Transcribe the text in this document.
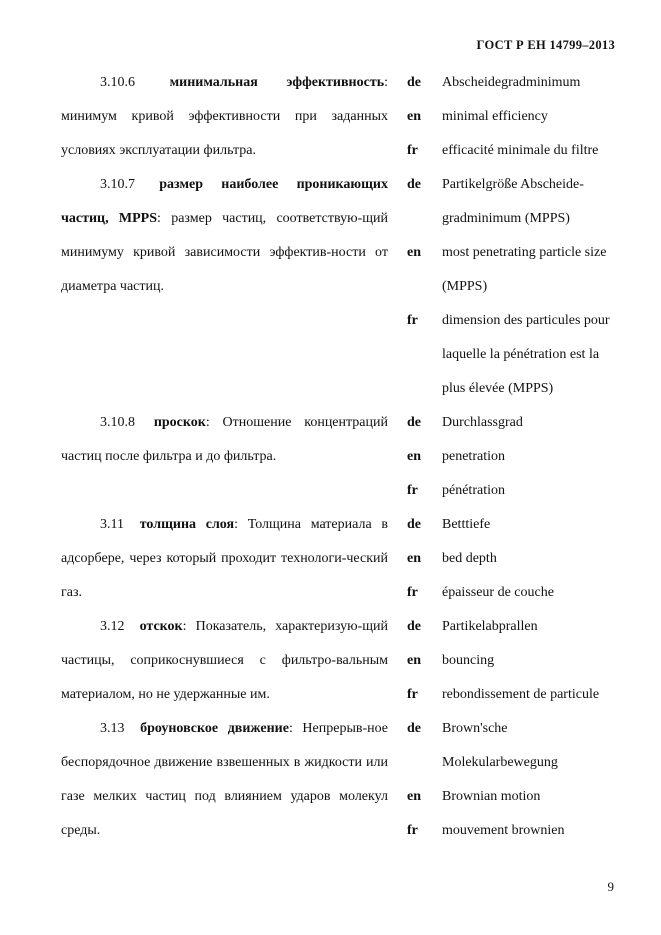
ГОСТ Р ЕН 14799–2013
3.10.6 минимальная эффективность: минимум кривой эффективности при заданных условиях эксплуатации фильтра.
de	Abscheidegradminimum
en	minimal efficiency
fr	efficacité minimale du filtre
3.10.7 размер наиболее проникающих частиц, MPPS: размер частиц, соответствую-щий минимуму кривой зависимости эффектив-ности от диаметра частиц.
de	Partikelgröße Abscheide-
gradminimum (MPPS)
en	most penetrating particle size
(MPPS)
fr	dimension des particules pour
laquelle la pénétration est la
plus élevée (MPPS)
3.10.8 проскок: Отношение концентраций частиц после фильтра и до фильтра.
de	Durchlassgrad
en	penetration
fr	pénétration
3.11 толщина слоя: Толщина материала в адсорбере, через который проходит технологи-ческий газ.
de	Betttiefe
en	bed depth
fr	épaisseur de couche
3.12 отскок: Показатель, характеризую-щий частицы, соприкоснувшиеся с фильтро-вальным материалом, но не удержанные им.
de	Partikelabprallen
en	bouncing
fr	rebondissement de particule
3.13 броуновское движение: Непрерыв-ное беспорядочное движение взвешенных в жидкости или газе мелких частиц под влиянием ударов молекул среды.
de	Brown'sche
Molekularbewegung
en	Brownian motion
fr	mouvement brownien
9
